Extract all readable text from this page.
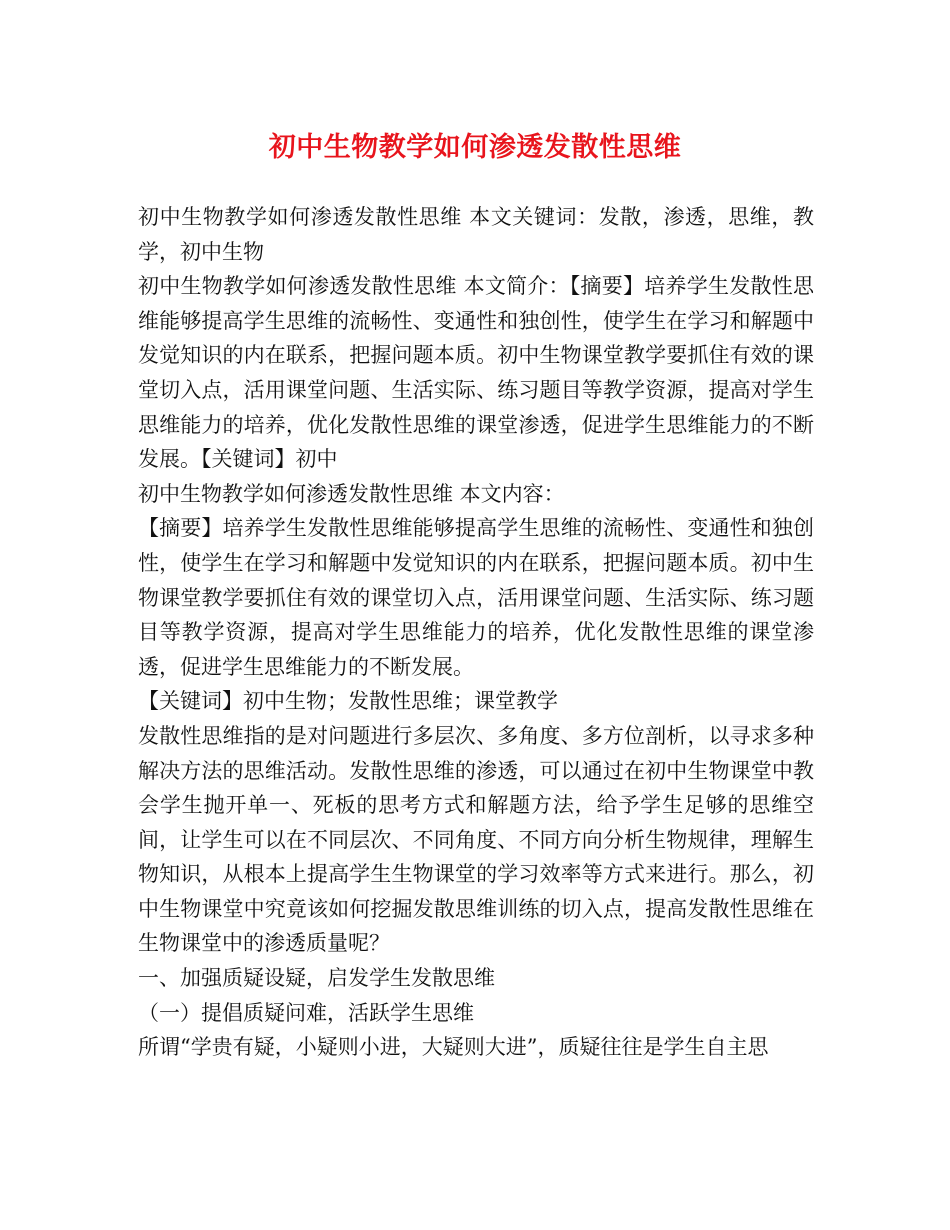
初中生物教学如何渗透发散性思维

初中生物教学如何渗透发散性思维 本文关键词：发散，渗透，思维，教学，初中生物

初中生物教学如何渗透发散性思维 本文简介：【摘要】培养学生发散性思维能够提高学生思维的流畅性、变通性和独创性，使学生在学习和解题中发觉知识的内在联系，把握问题本质。初中生物课堂教学要抓住有效的课堂切入点，活用课堂问题、生活实际、练习题目等教学资源，提高对学生思维能力的培养，优化发散性思维的课堂渗透，促进学生思维能力的不断发展。【关键词】初中

初中生物教学如何渗透发散性思维 本文内容：

【摘要】培养学生发散性思维能够提高学生思维的流畅性、变通性和独创性，使学生在学习和解题中发觉知识的内在联系，把握问题本质。初中生物课堂教学要抓住有效的课堂切入点，活用课堂问题、生活实际、练习题目等教学资源，提高对学生思维能力的培养，优化发散性思维的课堂渗透，促进学生思维能力的不断发展。

【关键词】初中生物；发散性思维；课堂教学

发散性思维指的是对问题进行多层次、多角度、多方位剖析，以寻求多种解决方法的思维活动。发散性思维的渗透，可以通过在初中生物课堂中教会学生抛开单一、死板的思考方式和解题方法，给予学生足够的思维空间，让学生可以在不同层次、不同角度、不同方向分析生物规律，理解生物知识，从根本上提高学生生物课堂的学习效率等方式来进行。那么，初中生物课堂中究竟该如何挖掘发散思维训练的切入点，提高发散性思维在生物课堂中的渗透质量呢？

一、加强质疑设疑，启发学生发散思维

（一）提倡质疑问难，活跃学生思维

所谓“学贵有疑，小疑则小进，大疑则大进”，质疑往往是学生自主思
